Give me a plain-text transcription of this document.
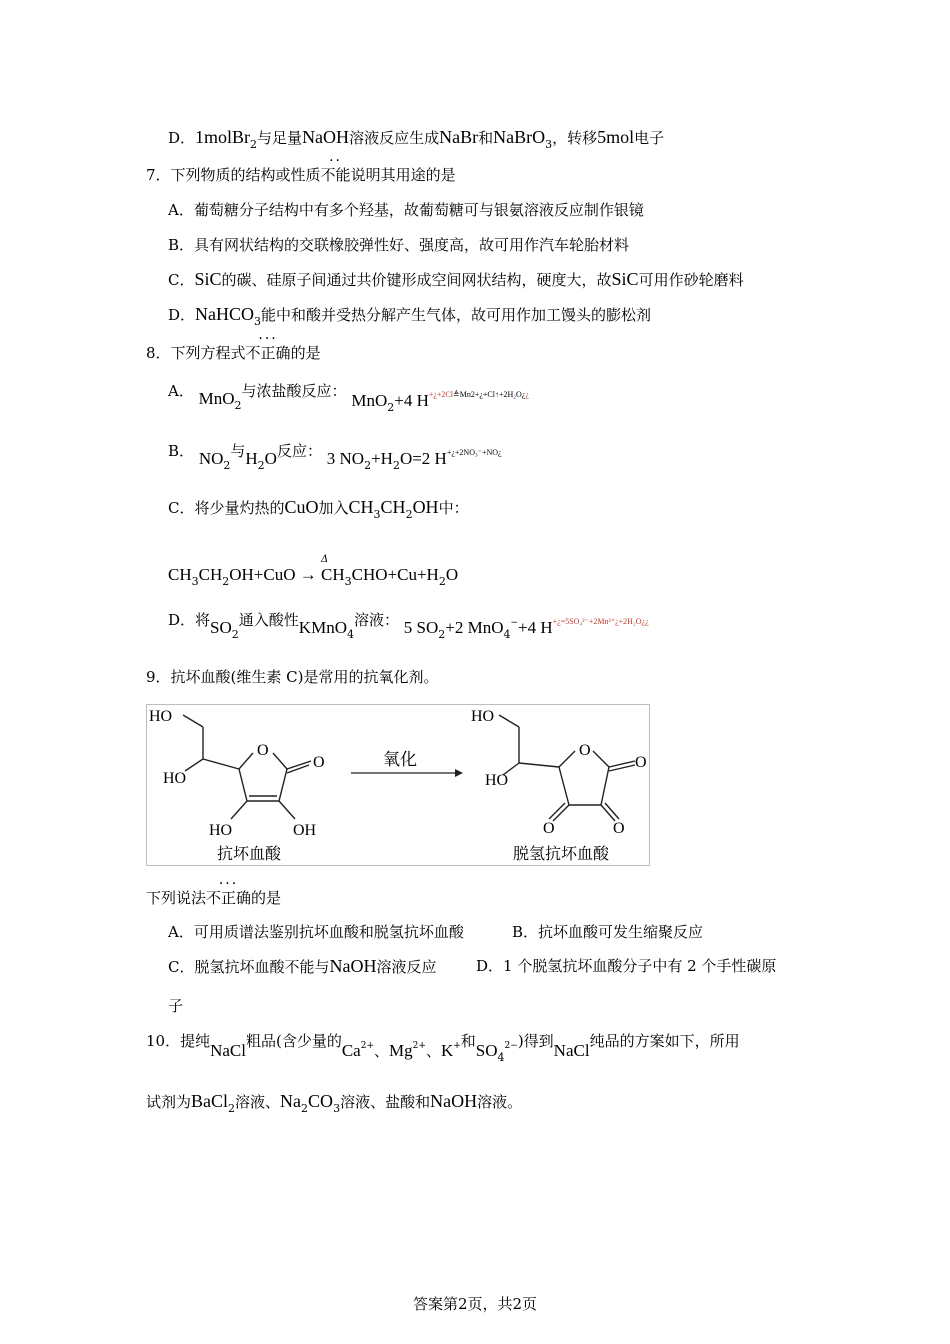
D．1molBr$_2$与足量NaOH溶液反应生成NaBr和NaBrO$_3$，转移5mol电子
7．下列物质的结构或性质·· 不能说明其用途的是
A．葡萄糖分子结构中有多个羟基，故葡萄糖可与银氨溶液反应制作银镜
B．具有网状结构的交联橡胶弹性好、强度高，故可用作汽车轮胎材料
C．SiC的碳、硅原子间通过共价键形成空间网状结构，硬度大，故SiC可用作砂轮磨料
D．NaHCO$_3$能中和酸并受热分解产生气体，故可用作加工馒头的膨松剂
8．下列方程式··· 不正确的是
A． MnO$_2$与浓盐酸反应： MnO$_2$+4 $H^{+¿+2Cl≜Mn2+¿+Cl↑+2H_2O¿¿}$
B． $NO_2$与$H_2O$反应： 3 $NO_2+H_2O=2$ $H^{+¿+2NO_3^-+NO¿}$
C．将少量灼热的CuO加入$CH_3CH_2OH$中：
Δ
$CH_3CH_2OH+CuO \to CH_3CHO+Cu+H_2O$
D．将$SO_2$通入酸性KMnO$_4$溶液： 5 $SO_2+2$ MnO$_4$−+4 $H^{+¿=5SO_4^{2-}+2Mn^{2+}¿+2H_2O¿¿}$
9．抗坏血酸(维生素 C)是常用的抗氧化剂。
HO
HO
O
O
HO	OH
抗坏血酸
氧化
HO
HO
O
O
O	O
脱氢抗坏血酸
下列说法··· 不正确的是
A．可用质谱法鉴别抗坏血酸和脱氢抗坏血酸	B．抗坏血酸可发生缩聚反应
C．脱氢抗坏血酸不能与NaOH溶液反应	D．1 个脱氢抗坏血酸分子中有 2 个手性碳原
子
10．提纯NaCl粗品(含少量的$Ca^{2+}$、$Mg^{2+}$、K+和$SO_4^{2-}$)得到NaCl纯品的方案如下，所用
试剂为BaCl$_2$溶液、$Na_2CO_3$溶液、盐酸和NaOH溶液。
答案第2页，共2页
